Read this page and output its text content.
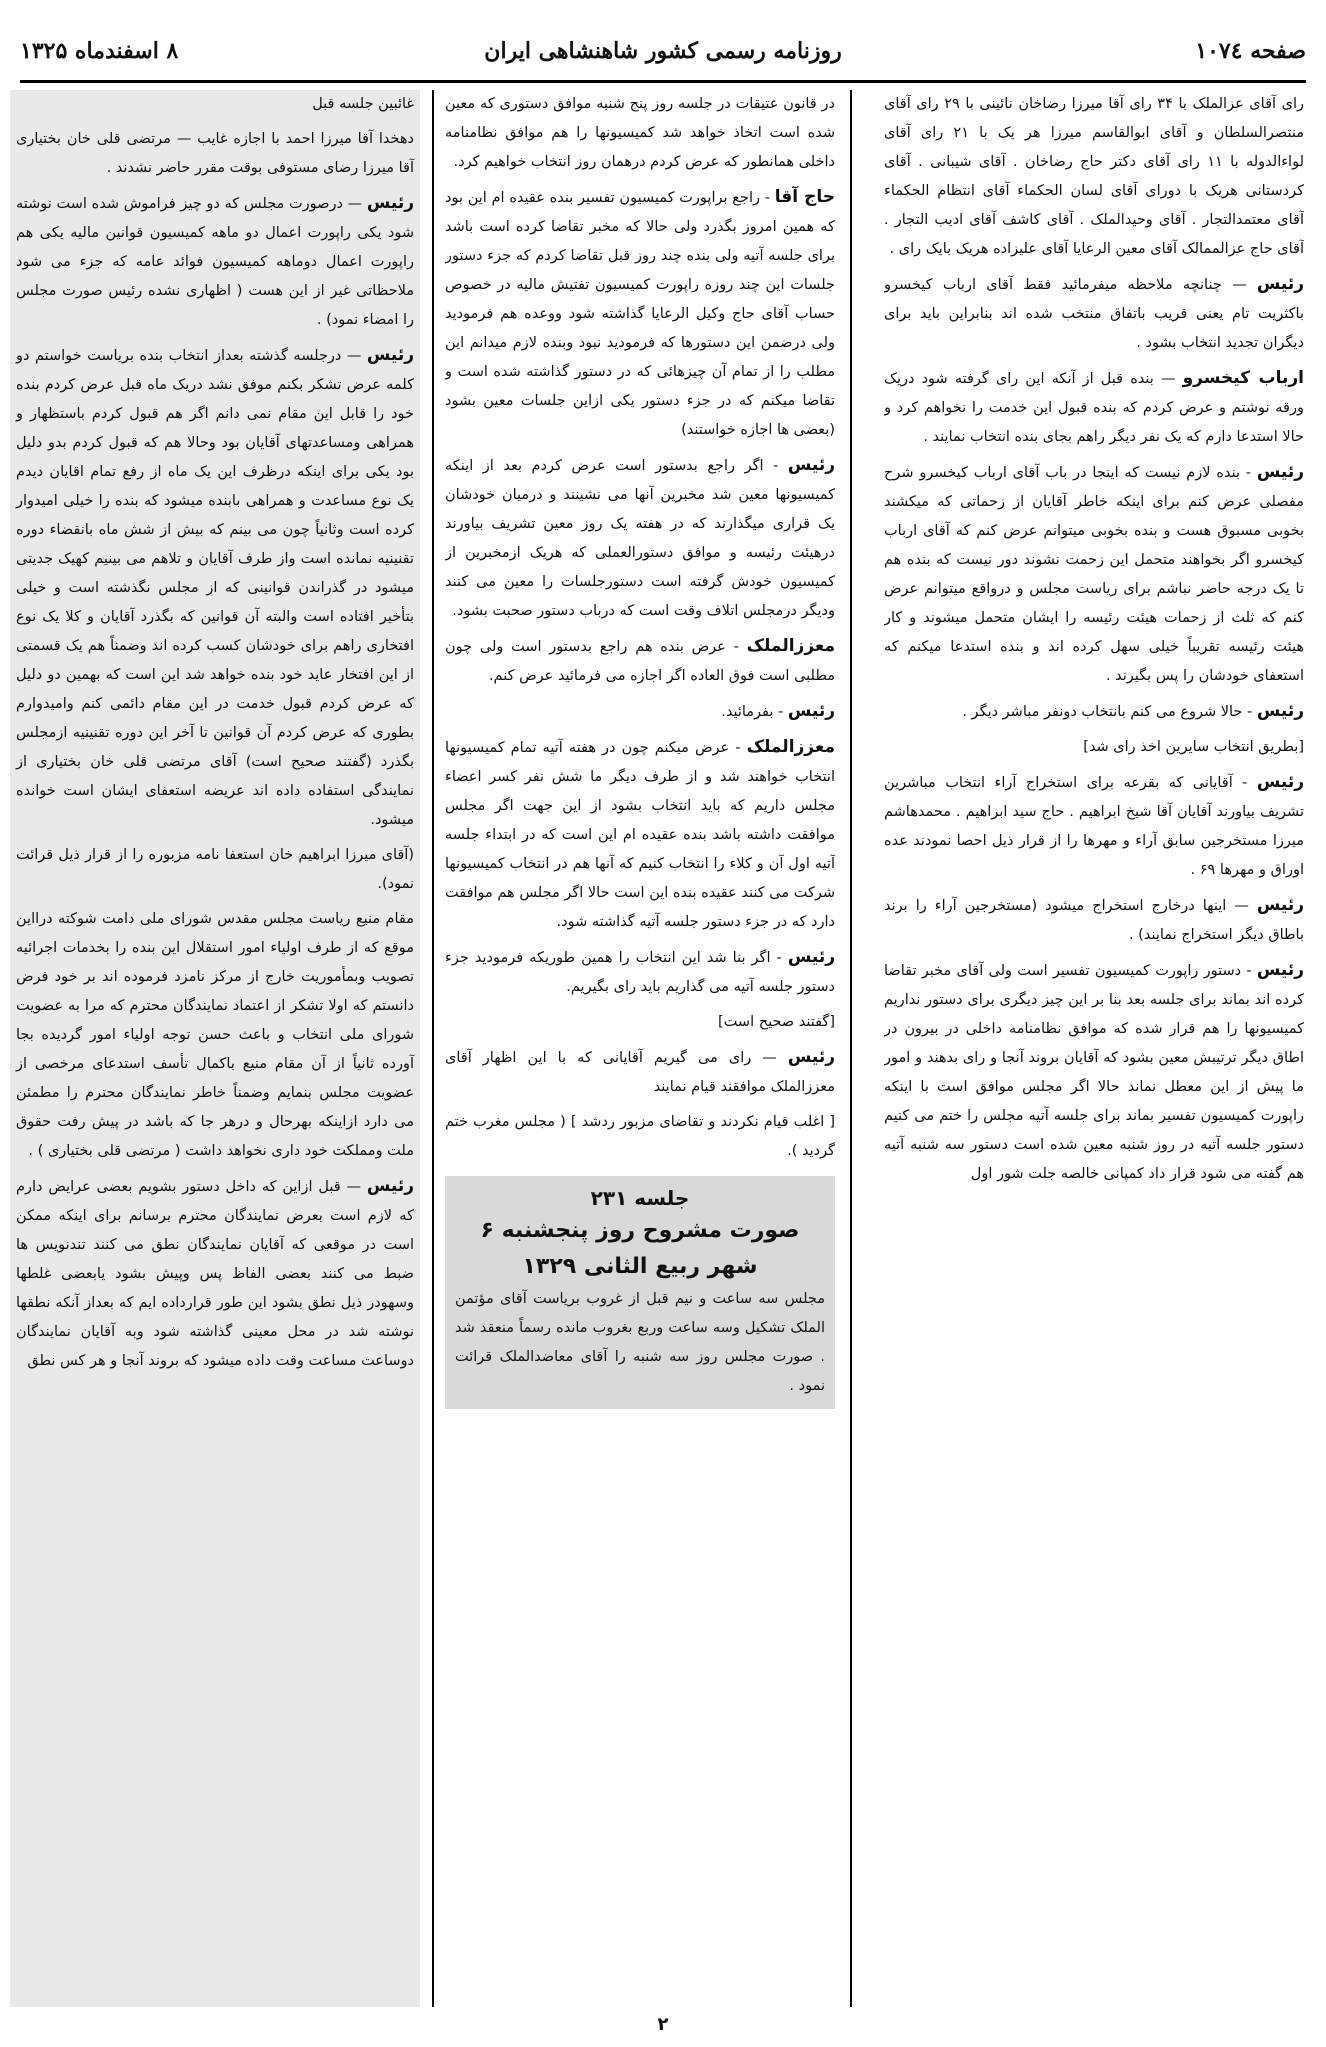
صفحه ۱۰۷٤
روزنامه رسمی کشور شاهنشاهی ایران
۸ اسفندماه ۱۳۲۵

رای آقای عزالملک با ۳۴ رای آقا میرزا رضاخان نائینی با ۲۹ رای آقای منتصرالسلطان و آقای ابوالقاسم میرزا هر یک با ۲۱ رای آقای لواءالدوله با ۱۱ رای آقای دکتر حاج رضاخان . آقای شیبانی . آقای کردستانی هریک با دورای آقای لسان الحکماء آقای انتظام الحکماء آقای معتمدالتجار . آقای وحیدالملک . آقای کاشف آقای ادیب التجار . آقای حاج عزالممالک آقای معین الرعایا آقای علیزاده هریک بایک رای .

رئیس — چنانچه ملاحظه میفرمائید فقط آقای ارباب کیخسرو باکثریت تام یعنی قریب باتفاق منتخب شده اند بنابراین باید برای دیگران تجدید انتخاب بشود .

ارباب کیخسرو — بنده قبل از آنکه این رای گرفته شود دریک ورقه نوشتم و عرض کردم که بنده قبول این خدمت را نخواهم کرد و حالا استدعا دارم که یک نفر دیگر راهم بجای بنده انتخاب نمایند .

رئیس - بنده لازم نیست که اینجا در باب آقای ارباب کیخسرو شرح مفصلی عرض کنم برای اینکه خاطر آقایان از زحماتی که میکشند بخوبی مسبوق هست و بنده بخوبی میتوانم عرض کنم که آقای ارباب کیخسرو اگر بخواهند متحمل این زحمت نشوند دور نیست که بنده هم تا یک درجه حاضر نباشم برای ریاست مجلس و درواقع میتوانم عرض کنم که ثلث از زحمات هیئت رئیسه را ایشان متحمل میشوند و کار هیئت رئیسه تقریباً خیلی سهل کرده اند و بنده استدعا میکنم که استعفای خودشان را پس بگیرند .

رئیس - حالا شروع می کنم بانتخاب دونفر مباشر دیگر .

[بطریق انتخاب سایرین اخذ رای شد]

رئیس - آقایانی که بقرعه برای استخراج آراء انتخاب مباشرین تشریف بیاورند آقایان آقا شیخ ابراهیم . حاج سید ابراهیم . محمدهاشم میرزا مستخرجین سابق آراء و مهرها را از قرار ذیل احصا نمودند عده اوراق و مهرها ۶۹ .

رئیس — اینها درخارج استخراج میشود (مستخرجین آراء را برند باطاق دیگر استخراج نمایند) .

رئیس - دستور راپورت کمیسیون تفسیر است ولی آقای مخبر تقاضا کرده اند بماند برای جلسه بعد بنا بر این چیز دیگری برای دستور نداریم کمیسیونها را هم قرار شده که موافق نظامنامه داخلی در بیرون در اطاق دیگر ترتیبش معین بشود که آقایان بروند آنجا و رای بدهند و امور ما پیش از این معطل نماند حالا اگر مجلس موافق است با اینکه راپورت کمیسیون تفسیر بماند برای جلسه آتیه مجلس را ختم می کنیم دستور جلسه آتیه در روز شنبه معین شده است دستور سه شنبه آتیه هم گفته می شود قرار داد کمپانی خالصه جلت شور اول

در قانون عتیقات در جلسه روز پنج شنبه موافق دستوری که معین شده است اتخاذ خواهد شد کمیسیونها را هم موافق نظامنامه داخلی همانطور که عرض کردم درهمان روز انتخاب خواهیم کرد.

حاج آقا - راجع براپورت کمیسیون تفسیر بنده عقیده ام این بود که همین امروز بگذرد ولی حالا که مخبر تقاضا کرده است باشد برای جلسه آتیه ولی بنده چند روز قبل تقاضا کردم که جزء دستور جلسات این چند روزه راپورت کمیسیون تفتیش مالیه در خصوص حساب آقای حاج وکیل الرعایا گذاشته شود ووعده هم فرمودید ولی درضمن این دستورها که فرمودید نبود وبنده لازم میدانم این مطلب را از تمام آن چیزهائی که در دستور گذاشته شده است و تقاضا میکنم که در جزء دستور یکی ازاین جلسات معین بشود (بعضی ها اجازه خواستند)

رئیس - اگر راجع بدستور است عرض کردم بعد از اینکه کمیسیونها معین شد مخبرین آنها می نشینند و درمیان خودشان یک قراری میگذارند که در هفته یک روز معین تشریف بیاورند درهیئت رئیسه و موافق دستورالعملی که هریک ازمخبرین از کمیسیون خودش گرفته است دستورجلسات را معین می کنند ودیگر درمجلس اتلاف وقت است که درباب دستور صحبت بشود.

معززالملک - عرض بنده هم راجع بدستور است ولی چون مطلبی است فوق العاده اگر اجازه می فرمائید عرض کنم.

رئیس - بفرمائید.

معززالملک - عرض میکنم چون در هفته آتیه تمام کمیسیونها انتخاب خواهند شد و از طرف دیگر ما شش نفر کسر اعضاء مجلس داریم که باید انتخاب بشود از این جهت اگر مجلس موافقت داشته باشد بنده عقیده ام این است که در ابتداء جلسه آتیه اول آن و کلاء را انتخاب کنیم که آنها هم در انتخاب کمیسیونها شرکت می کنند عقیده بنده این است حالا اگر مجلس هم موافقت دارد که در جزء دستور جلسه آتیه گذاشته شود.

رئیس - اگر بنا شد این انتخاب را همین طوریکه فرمودید جزء دستور جلسه آتیه می گذاریم باید رای بگیریم.

[گفتند صحیح است]

رئیس — رای می گیریم آقایانی که با این اظهار آقای معززالملک موافقند قیام نمایند

[ اغلب قیام نکردند و تقاضای مزبور ردشد ] ( مجلس مغرب ختم گردید ).

جلسه ۲۳۱
صورت مشروح روز پنجشنبه ۶ شهر ربیع الثانی ۱۳۲۹
مجلس سه ساعت و نیم قبل از غروب بریاست آقای مؤتمن الملک تشکیل وسه ساعت وربع بغروب مانده رسماً منعقد شد . صورت مجلس روز سه شنبه را آقای معاضدالملک قرائت نمود .

غائبین جلسه قبل

دهخدا آقا میرزا احمد با اجازه غایب — مرتضی قلی خان بختیاری آقا میرزا رضای مستوفی بوقت مقرر حاضر نشدند .

رئیس — درصورت مجلس که دو چیز فراموش شده است نوشته شود یکی راپورت اعمال دو ماهه کمیسیون قوانین مالیه یکی هم راپورت اعمال دوماهه کمیسیون فوائد عامه که جزء می شود ملاحظاتی غیر از این هست ( اظهاری نشده رئیس صورت مجلس را امضاء نمود) .

رئیس — درجلسه گذشته بعداز انتخاب بنده بریاست خواستم دو کلمه عرض تشکر بکنم موفق نشد دریک ماه قبل عرض کردم بنده خود را قابل این مقام نمی دانم اگر هم قبول کردم باستظهار و همراهی ومساعدتهای آقایان بود وحالا هم که قبول کردم بدو دلیل بود یکی برای اینکه درظرف این یک ماه از رفع تمام اقایان دیدم یک نوع مساعدت و همراهی بابنده میشود که بنده را خیلی امیدوار کرده است وثانیاً چون می بینم که بیش از شش ماه بانقضاء دوره تقنینیه نمانده است واز طرف آقایان و تلاهم می بینیم کهیک جدیتی میشود در گذراندن قوانینی که از مجلس نگذشته است و خیلی بتأخیر افتاده است والبته آن قوانین که بگذرد آقایان و کلا یک نوع افتخاری راهم برای خودشان کسب کرده اند وضمناً هم یک قسمتی از این افتخار عاید خود بنده خواهد شد این است که بهمین دو دلیل که عرض کردم قبول خدمت در این مقام دائمی کنم وامیدوارم بطوری که عرض کردم آن قوانین تا آخر این دوره تقنینیه ازمجلس بگذرد (گفتند صحیح است) آقای مرتضی قلی خان بختیاری از نمایندگی استفاده داده اند عریضه استعفای ایشان است خوانده میشود.

(آقای میرزا ابراهیم خان استعفا نامه مزبوره را از قرار ذیل قرائت نمود).

مقام منیع ریاست مجلس مقدس شورای ملی دامت شوکته درااین موقع که از طرف اولیاء امور استقلال این بنده را بخدمات اجرائیه تصویب وبمأموریت خارج از مرکز نامزد فرموده اند بر خود فرض دانستم که اولا تشکر از اعتماد نمایندگان محترم که مرا به عضویت شورای ملی انتخاب و باعث حسن توجه اولیاء امور گردیده بجا آورده ثانیاً از آن مقام منیع باکمال تأسف استدعای مرخصی از عضویت مجلس بنمایم وضمناً خاطر نمایندگان محترم را مطمئن می دارد ازاینکه بهرحال و درهر جا که باشد در پیش رفت حقوق ملت ومملکت خود داری نخواهد داشت ( مرتضی قلی بختیاری ) .

رئیس — قبل ازاین که داخل دستور بشویم بعضی عرایض دارم که لازم است بعرض نمایندگان محترم برسانم برای اینکه ممکن است در موقعی که آقایان نمایندگان نطق می کنند تندنویس ها ضبط می کنند بعضی الفاظ پس وپیش بشود یابعضی غلطها وسهودر ذیل نطق بشود این طور قرارداده ایم که بعداز آنکه نطقها نوشته شد در محل معینی گذاشته شود وبه آقایان نمایندگان دوساعت مساعت وقت داده میشود که بروند آنجا و هر کس نطق

۲
